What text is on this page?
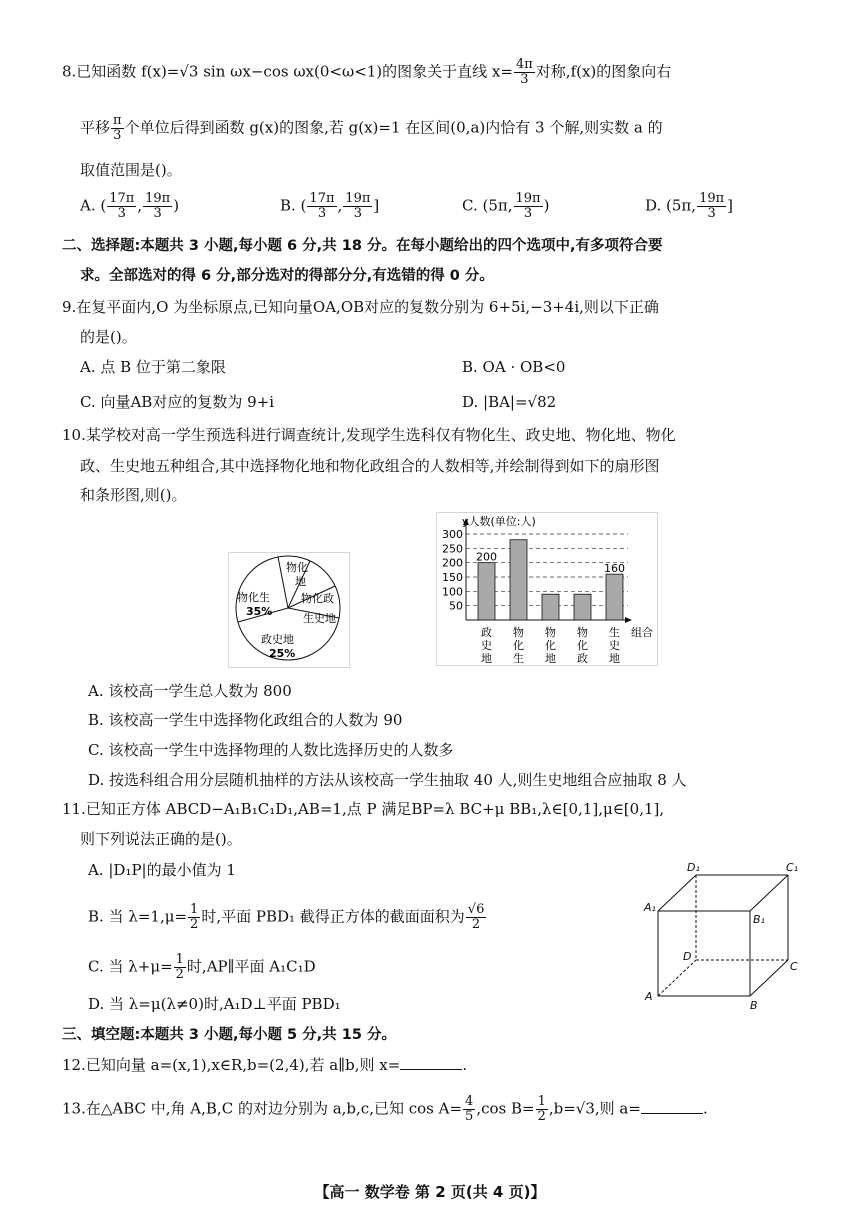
8.已知函数 f(x)=√3 sin ωx−cos ωx(0<ω<1)的图象关于直线 $x= \frac{4\pi}{3}$ 对称,f(x)的图象向右
平移 $\frac{\pi}{3}$ 个单位后得到函数 g(x)的图象,若 g(x)=1 在区间(0,a)内恰有 3 个解,则实数 a 的
取值范围是()。
A. ( $\frac{17\pi}{3}$ , $\frac{19\pi}{3}$ )	B. ( $\frac{17\pi}{3}$ , $\frac{19\pi}{3}$ ]	C. (5π, $\frac{19\pi}{3}$ )	D. (5π, $\frac{19\pi}{3}$ ]
二、选择题:本题共 3 小题,每小题 6 分,共 18 分。在每小题给出的四个选项中,有多项符合要
求。全部选对的得 6 分,部分选对的得部分分,有选错的得 0 分。
9.在复平面内,O 为坐标原点,已知向量OA,OB对应的复数分别为 6+5i,−3+4i,则以下正确
的是()。
A. 点 B 位于第二象限	B. OA · OB<0
C. 向量AB对应的复数为 9+i	D. |BA|=√82
10.某学校对高一学生预选科进行调查统计,发现学生选科仅有物化生、政史地、物化地、物化
政、生史地五种组合,其中选择物化地和物化政组合的人数相等,并绘制得到如下的扇形图
和条形图,则()。
物化生
35%
物化
地
物化政
生史地
政史地
25%
y人数(单位:人)
组合
50
100
150
200
250
300
200
160
政
史
地
物
化
生
物
化
地
物
化
政
生
史
地
A. 该校高一学生总人数为 800
B. 该校高一学生中选择物化政组合的人数为 90
C. 该校高一学生中选择物理的人数比选择历史的人数多
D. 按选科组合用分层随机抽样的方法从该校高一学生抽取 40 人,则生史地组合应抽取 8 人
11.已知正方体 ABCD−A₁B₁C₁D₁,AB=1,点 P 满足BP=λ BC+μ BB₁,λ∈[0,1],μ∈[0,1],
则下列说法正确的是()。
A. |D₁P|的最小值为 1
B. 当 $\lambda=1,\mu= \frac{1}{2}$ 时,平面 PBD₁ 截得正方体的截面面积为 $\frac{√6}{2}$
C. 当 $\lambda+\mu= \frac{1}{2}$ 时,AP∥平面 A₁C₁D
D. 当 λ=μ(λ≠0)时,A₁D⊥平面 PBD₁	A
B
C
D
A₁
B₁
C₁
D₁
三、填空题:本题共 3 小题,每小题 5 分,共 15 分。
12.已知向量 a=(x,1),x∈R,b=(2,4),若 a∥b,则 x=	.
13.在△ABC 中,角 A,B,C 的对边分别为 a,b,c,已知 $\cos A= \frac{4}{5} ,\cos$ $B= \frac{1}{2} ,b=√3$,则 a=	.
【高一 数学卷 第 2 页(共 4 页)】
